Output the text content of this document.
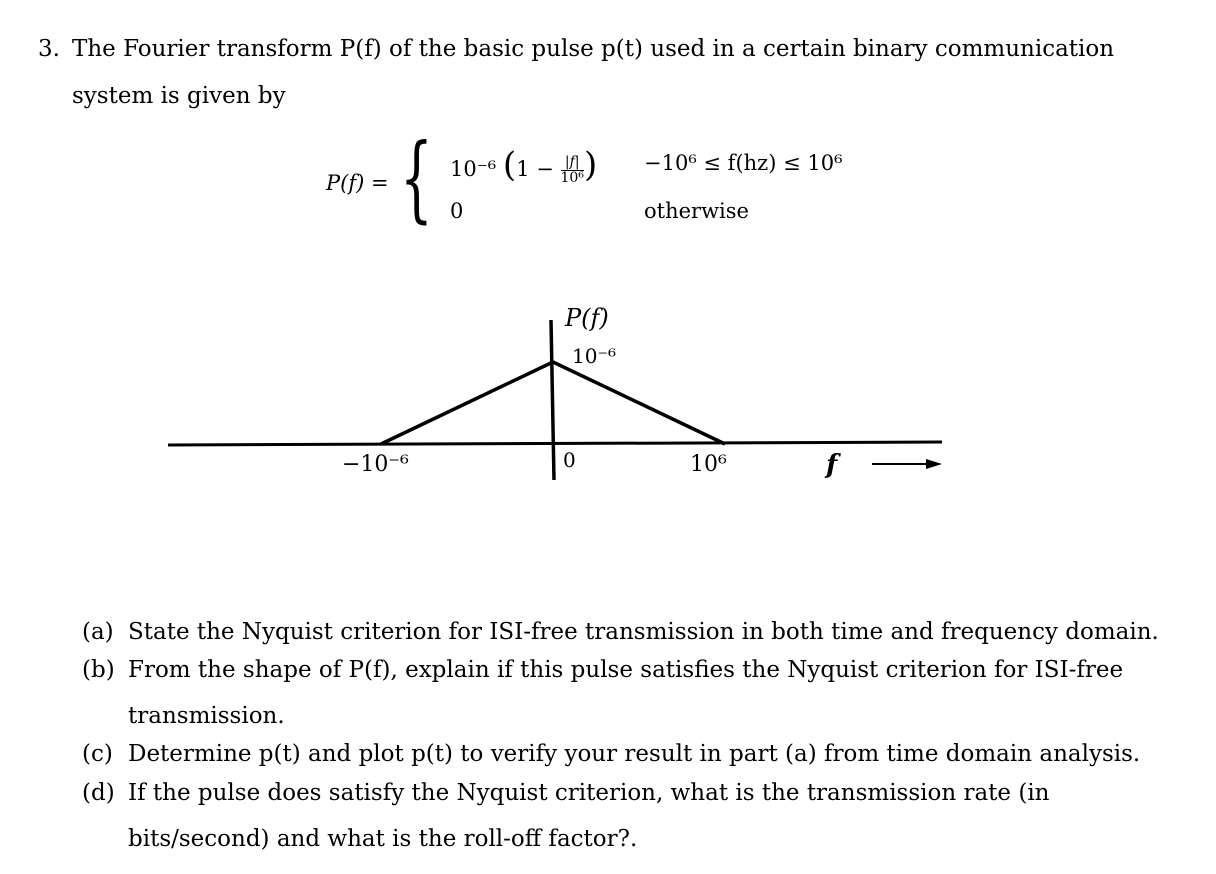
3. The Fourier transform P(f) of the basic pulse p(t) used in a certain binary communication
system is given by
P(f) = { 10⁻⁶ ($1 - \frac{|f|}{\text{10⁶}}$ ) −10⁶ ≤ f(hz) ≤ 10⁶
0	otherwise
P(f)
10⁻⁶
−10⁻⁶	0	10⁶	f
(a) State the Nyquist criterion for ISI-free transmission in both time and frequency domain.
(b) From the shape of P(f), explain if this pulse satisfies the Nyquist criterion for ISI-free
transmission.
(c) Determine p(t) and plot p(t) to verify your result in part (a) from time domain analysis.
(d) If the pulse does satisfy the Nyquist criterion, what is the transmission rate (in
bits/second) and what is the roll-off factor?.
